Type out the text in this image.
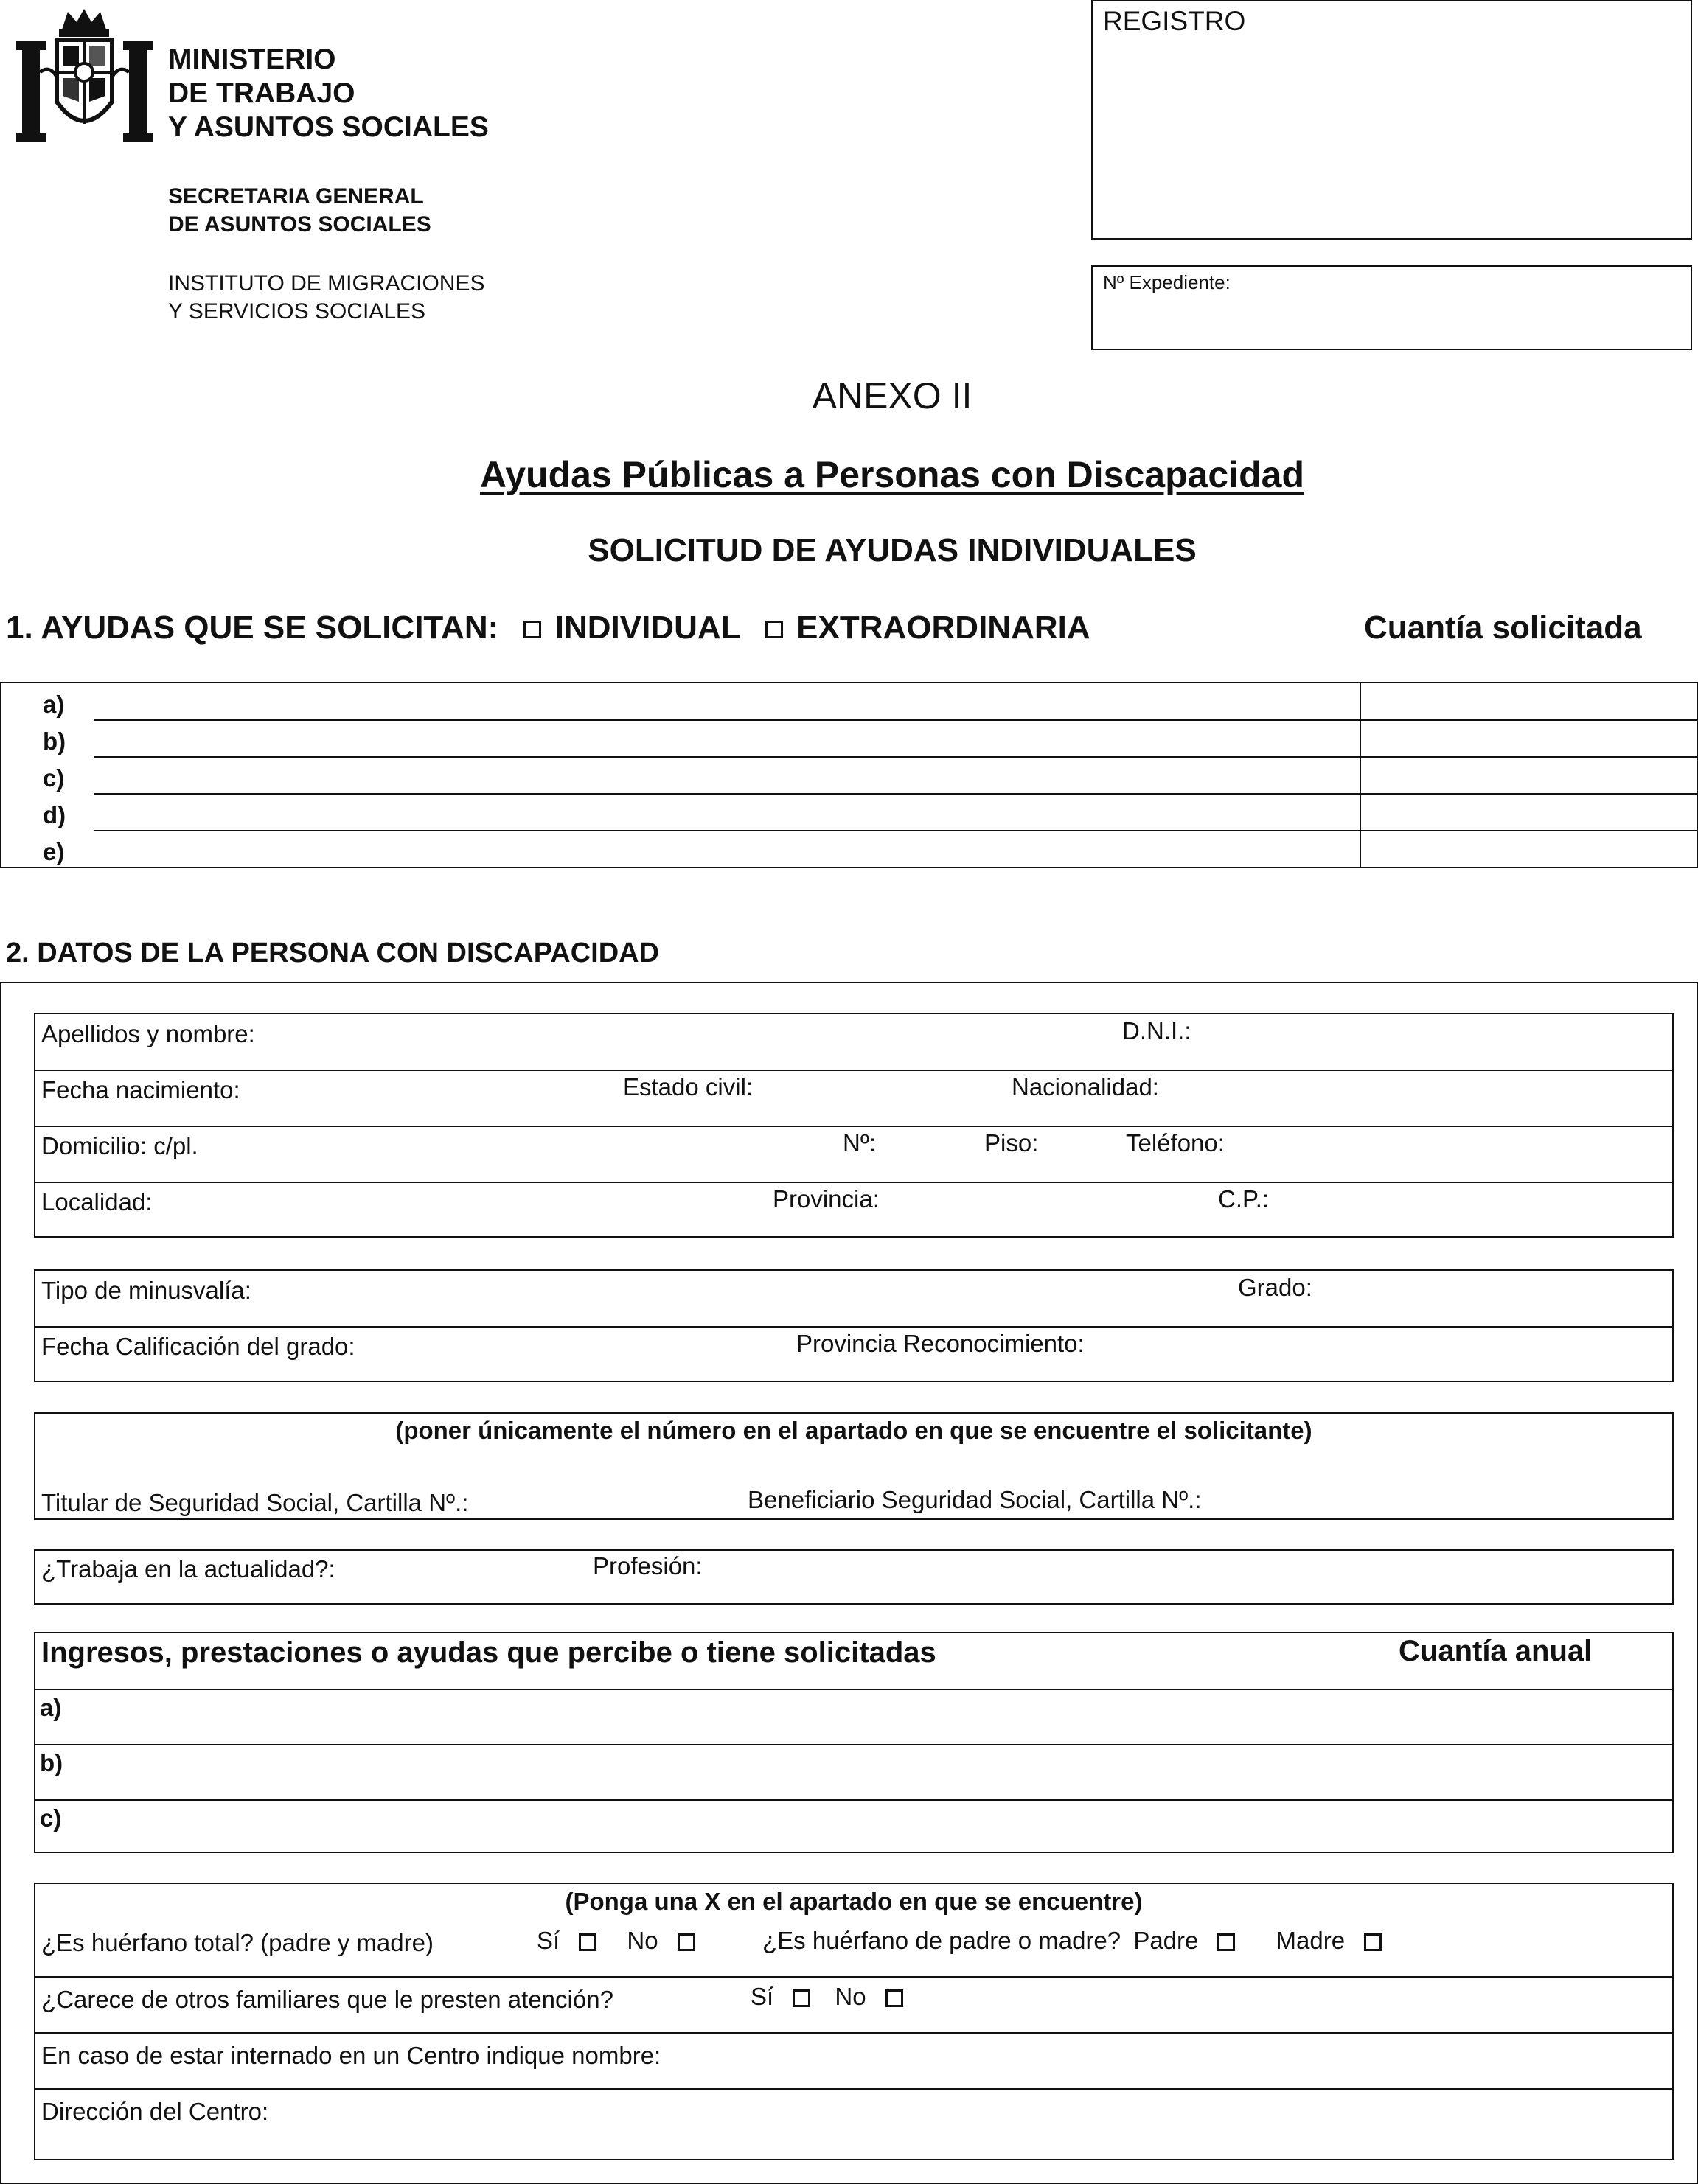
MINISTERIO
DE TRABAJO
Y ASUNTOS SOCIALES
SECRETARIA GENERAL
DE ASUNTOS SOCIALES
INSTITUTO DE MIGRACIONES
Y SERVICIOS SOCIALES
REGISTRO
Nº Expediente:
ANEXO II
Ayudas Públicas a Personas con Discapacidad
SOLICITUD DE AYUDAS INDIVIDUALES
1. AYUDAS QUE SE SOLICITAN: INDIVIDUAL EXTRAORDINARIA	Cuantía solicitada
a)
b)
c)
d)
e)
2. DATOS DE LA PERSONA CON DISCAPACIDAD
Apellidos y nombre:	D.N.I.:
Fecha nacimiento:	Estado civil:	Nacionalidad:
Domicilio: c/pl.	Nº:	Piso:	Teléfono:
Localidad:	Provincia:	C.P.:
Tipo de minusvalía:	Grado:
Fecha Calificación del grado:	Provincia Reconocimiento:
(poner únicamente el número en el apartado en que se encuentre el solicitante)
Titular de Seguridad Social, Cartilla Nº.:	Beneficiario Seguridad Social, Cartilla Nº.:
¿Trabaja en la actualidad?:	Profesión:
Ingresos, prestaciones o ayudas que percibe o tiene solicitadas	Cuantía anual
a)
b)
c)
(Ponga una X en el apartado en que se encuentre)
¿Es huérfano total? (padre y madre)	Sí	No	¿Es huérfano de padre o madre? Padre	Madre
¿Carece de otros familiares que le presten atención?	Sí	No
En caso de estar internado en un Centro indique nombre:
Dirección del Centro:
